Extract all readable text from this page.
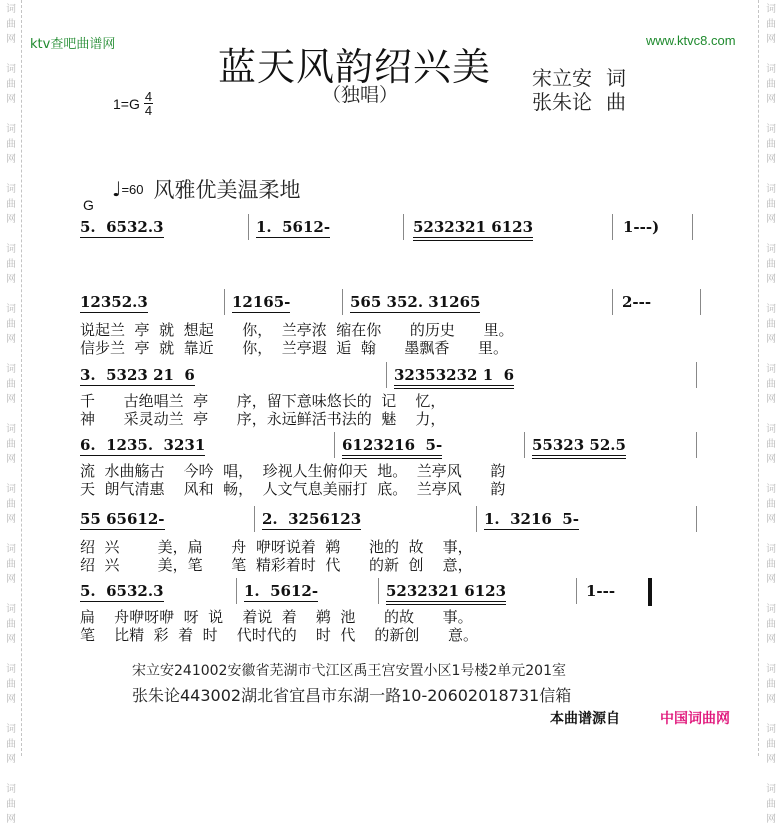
词
曲
网
词
曲
网
词
曲
网
词
曲
网
词
曲
网
词
曲
网
词
曲
网
词
曲
网
词
曲
网
词
曲
网
词
曲
网
词
曲
网
词
曲
网
词
曲
网
词
曲
网
词
曲
网
词
曲
网
词
曲
网
词
曲
网
词
曲
网
词
曲
网
词
曲
网
词
曲
网
词
曲
网
词
曲
网
词
曲
网
词
曲
网
词
曲
网
ktv查吧曲谱网	www.ktvc8.com
蓝天风韵绍兴美
（独唱）
宋立安 词
张朱论 曲
$1=G \frac{4}{4}$
♩ =60 风雅优美温柔地
G
5.  6532.3	1.  5612-	5232321 6123	1---)
12352.3	12165-	565 352. 31265	2---
说起兰  亭  就  想起      你，  兰亭浓  缩在你      的历史      里。
信步兰  亭  就  靠近      你，  兰亭遐  逅  翰      墨飘香      里。
3.  5323 21  6	32353232 1  6
千      古绝唱兰  亭      序，留下意味悠长的  记    忆，
神      采灵动兰  亭      序，永远鲜活书法的  魅    力，
6.  1235.  3231	6123216  5-	55323 52.5
流  水曲觞古    今吟  唱，  珍视人生俯仰天  地。  兰亭风      韵
天  朗气清惠    风和  畅，  人文气息美丽打  底。  兰亭风      韵
55 65612-	2.  3256123	1.  3216  5-
绍  兴        美，扁      舟  咿呀说着  鹈      池的  故    事，
绍  兴        美，笔      笔  精彩着时  代      的新  创    意，
5.  6532.3	1.  5612-	5232321 6123	1---
扁    舟咿呀咿  呀  说    着说  着    鹈  池      的故      事。
笔    比精  彩  着  时    代时代的    时  代    的新创      意。
宋立安241002安徽省芜湖市弋江区禹王宫安置小区1号楼2单元201室
张朱论443002湖北省宜昌市东湖一路10-20602018731信箱
本曲谱源自	中国词曲网
